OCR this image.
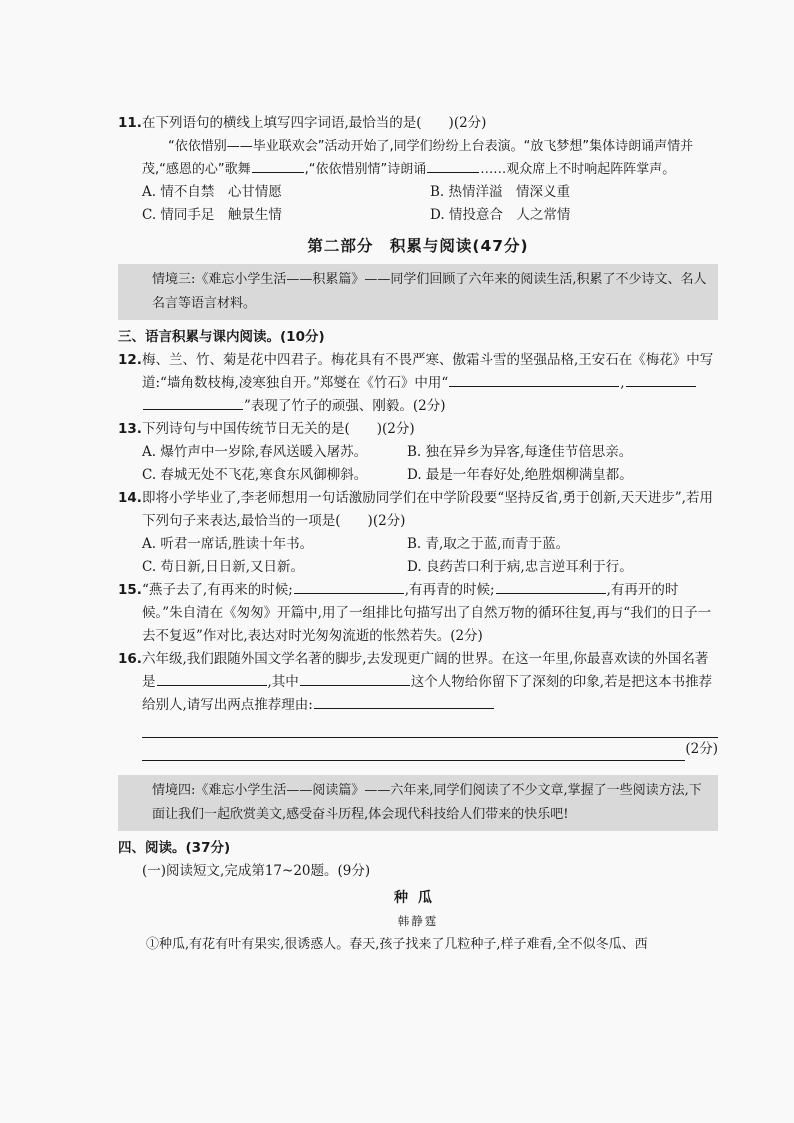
11. 在下列语句的横线上填写四字词语,最恰当的是(　　)(2分)
“依依惜别——毕业联欢会”活动开始了,同学们纷纷上台表演。“放飞梦想”集体诗朗诵声情并茂,“感恩的心”歌舞	,“依依惜别情”诗朗诵	……观众席上不时响起阵阵掌声。
A. 情不自禁　心甘情愿	B. 热情洋溢　情深义重
C. 情同手足　触景生情	D. 情投意合　人之常情
第二部分　积累与阅读(47分)
情境三:《难忘小学生活——积累篇》——同学们回顾了六年来的阅读生活,积累了不少诗文、名人名言等语言材料。
三、语言积累与课内阅读。(10分)
12. 梅、兰、竹、菊是花中四君子。梅花具有不畏严寒、傲霜斗雪的坚强品格,王安石在《梅花》中写道:“墙角数枝梅,凌寒独自开。”郑燮在《竹石》中用“	,
”表现了竹子的顽强、刚毅。(2分)
13. 下列诗句与中国传统节日无关的是(　　)(2分)
A. 爆竹声中一岁除,春风送暖入屠苏。	B. 独在异乡为异客,每逢佳节倍思亲。
C. 春城无处不飞花,寒食东风御柳斜。	D. 最是一年春好处,绝胜烟柳满皇都。
14. 即将小学毕业了,李老师想用一句话激励同学们在中学阶段要“坚持反省,勇于创新,天天进步”,若用下列句子来表达,最恰当的一项是(　　)(2分)
A. 听君一席话,胜读十年书。	B. 青,取之于蓝,而青于蓝。
C. 苟日新,日日新,又日新。	D. 良药苦口利于病,忠言逆耳利于行。
15. “燕子去了,有再来的时候;	,有再青的时候;	,有再开的时候。”朱自清在《匆匆》开篇中,用了一组排比句描写出了自然万物的循环往复,再与“我们的日子一去不复返”作对比,表达对时光匆匆流逝的怅然若失。(2分)
16. 六年级,我们跟随外国文学名著的脚步,去发现更广阔的世界。在这一年里,你最喜欢读的外国名著是	,其中	这个人物给你留下了深刻的印象,若是把这本书推荐给别人,请写出两点推荐理由:
(2分)
情境四:《难忘小学生活——阅读篇》——六年来,同学们阅读了不少文章,掌握了一些阅读方法,下面让我们一起欣赏美文,感受奋斗历程,体会现代科技给人们带来的快乐吧!
四、阅读。(37分)
(一)阅读短文,完成第17~20题。(9分)
种瓜
韩静霆
①种瓜,有花有叶有果实,很诱惑人。春天,孩子找来了几粒种子,样子难看,全不似冬瓜、西
